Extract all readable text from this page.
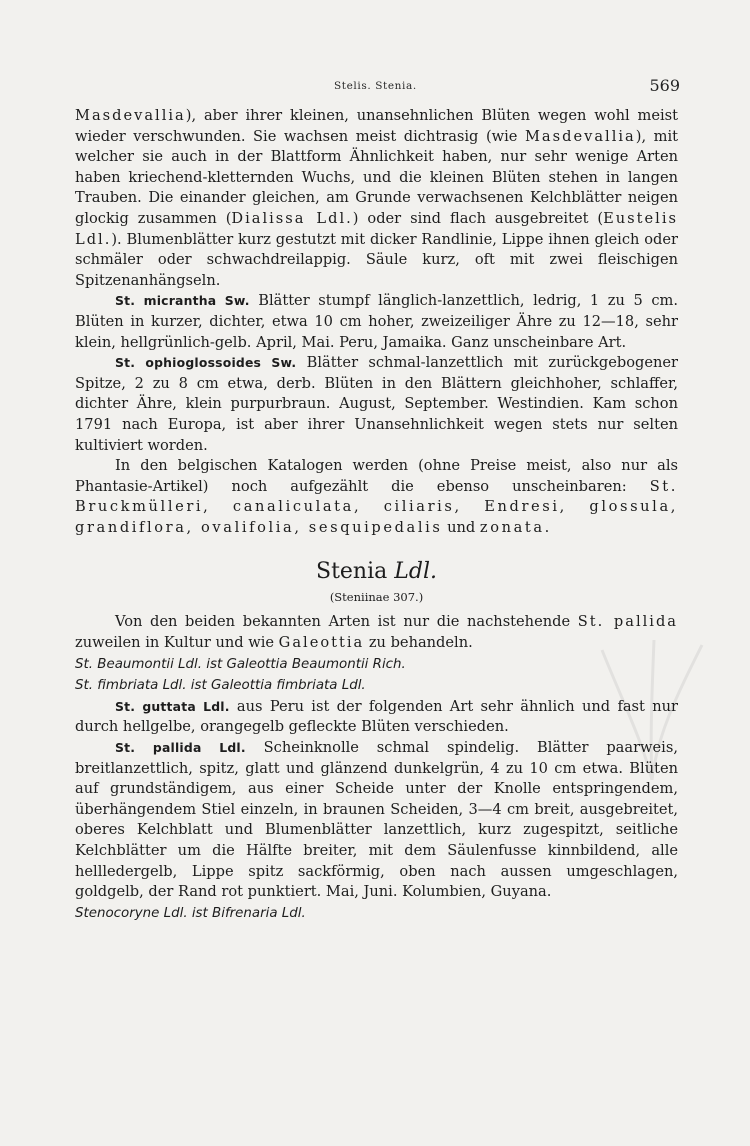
Stelis. Stenia.	569

Masdevallia), aber ihrer kleinen, unansehnlichen Blüten wegen wohl meist wieder verschwunden. Sie wachsen meist dichtrasig (wie Masdevallia), mit welcher sie auch in der Blattform Ähnlichkeit haben, nur sehr wenige Arten haben kriechend-kletternden Wuchs, und die kleinen Blüten stehen in langen Trauben. Die einander gleichen, am Grunde verwachsenen Kelchblätter neigen glockig zusammen (Dialissa Ldl.) oder sind flach ausgebreitet (Eustelis Ldl.). Blumenblätter kurz gestutzt mit dicker Randlinie, Lippe ihnen gleich oder schmäler oder schwachdreilappig. Säule kurz, oft mit zwei fleischigen Spitzenanhängseln.

St. micrantha Sw. Blätter stumpf länglich-lanzettlich, ledrig, 1 zu 5 cm. Blüten in kurzer, dichter, etwa 10 cm hoher, zweizeiliger Ähre zu 12—18, sehr klein, hellgrünlich-gelb. April, Mai. Peru, Jamaika. Ganz unscheinbare Art.

St. ophioglossoides Sw. Blätter schmal-lanzettlich mit zurückgebogener Spitze, 2 zu 8 cm etwa, derb. Blüten in den Blättern gleichhoher, schlaffer, dichter Ähre, klein purpurbraun. August, September. Westindien. Kam schon 1791 nach Europa, ist aber ihrer Unansehnlichkeit wegen stets nur selten kultiviert worden.

In den belgischen Katalogen werden (ohne Preise meist, also nur als Phantasie-Artikel) noch aufgezählt die ebenso unscheinbaren: St. Bruckmülleri, canaliculata, ciliaris, Endresi, glossula, grandiflora, ovalifolia, sesquipedalis und zonata.

Stenia Ldl.
(Steniinae 307.)

Von den beiden bekannten Arten ist nur die nachstehende St. pallida zuweilen in Kultur und wie Galeottia zu behandeln.

St. Beaumontii Ldl. ist Galeottia Beaumontii Rich.

St. fimbriata Ldl. ist Galeottia fimbriata Ldl.

St. guttata Ldl. aus Peru ist der folgenden Art sehr ähnlich und fast nur durch hellgelbe, orangegelb gefleckte Blüten verschieden.

St. pallida Ldl. Scheinknolle schmal spindelig. Blätter paarweis, breitlanzettlich, spitz, glatt und glänzend dunkelgrün, 4 zu 10 cm etwa. Blüten auf grundständigem, aus einer Scheide unter der Knolle entspringendem, überhängendem Stiel einzeln, in braunen Scheiden, 3—4 cm breit, ausgebreitet, oberes Kelchblatt und Blumenblätter lanzettlich, kurz zugespitzt, seitliche Kelchblätter um die Hälfte breiter, mit dem Säulenfusse kinnbildend, alle hellledergelb, Lippe spitz sackförmig, oben nach aussen umgeschlagen, goldgelb, der Rand rot punktiert. Mai, Juni. Kolumbien, Guyana.

Stenocoryne Ldl. ist Bifrenaria Ldl.
